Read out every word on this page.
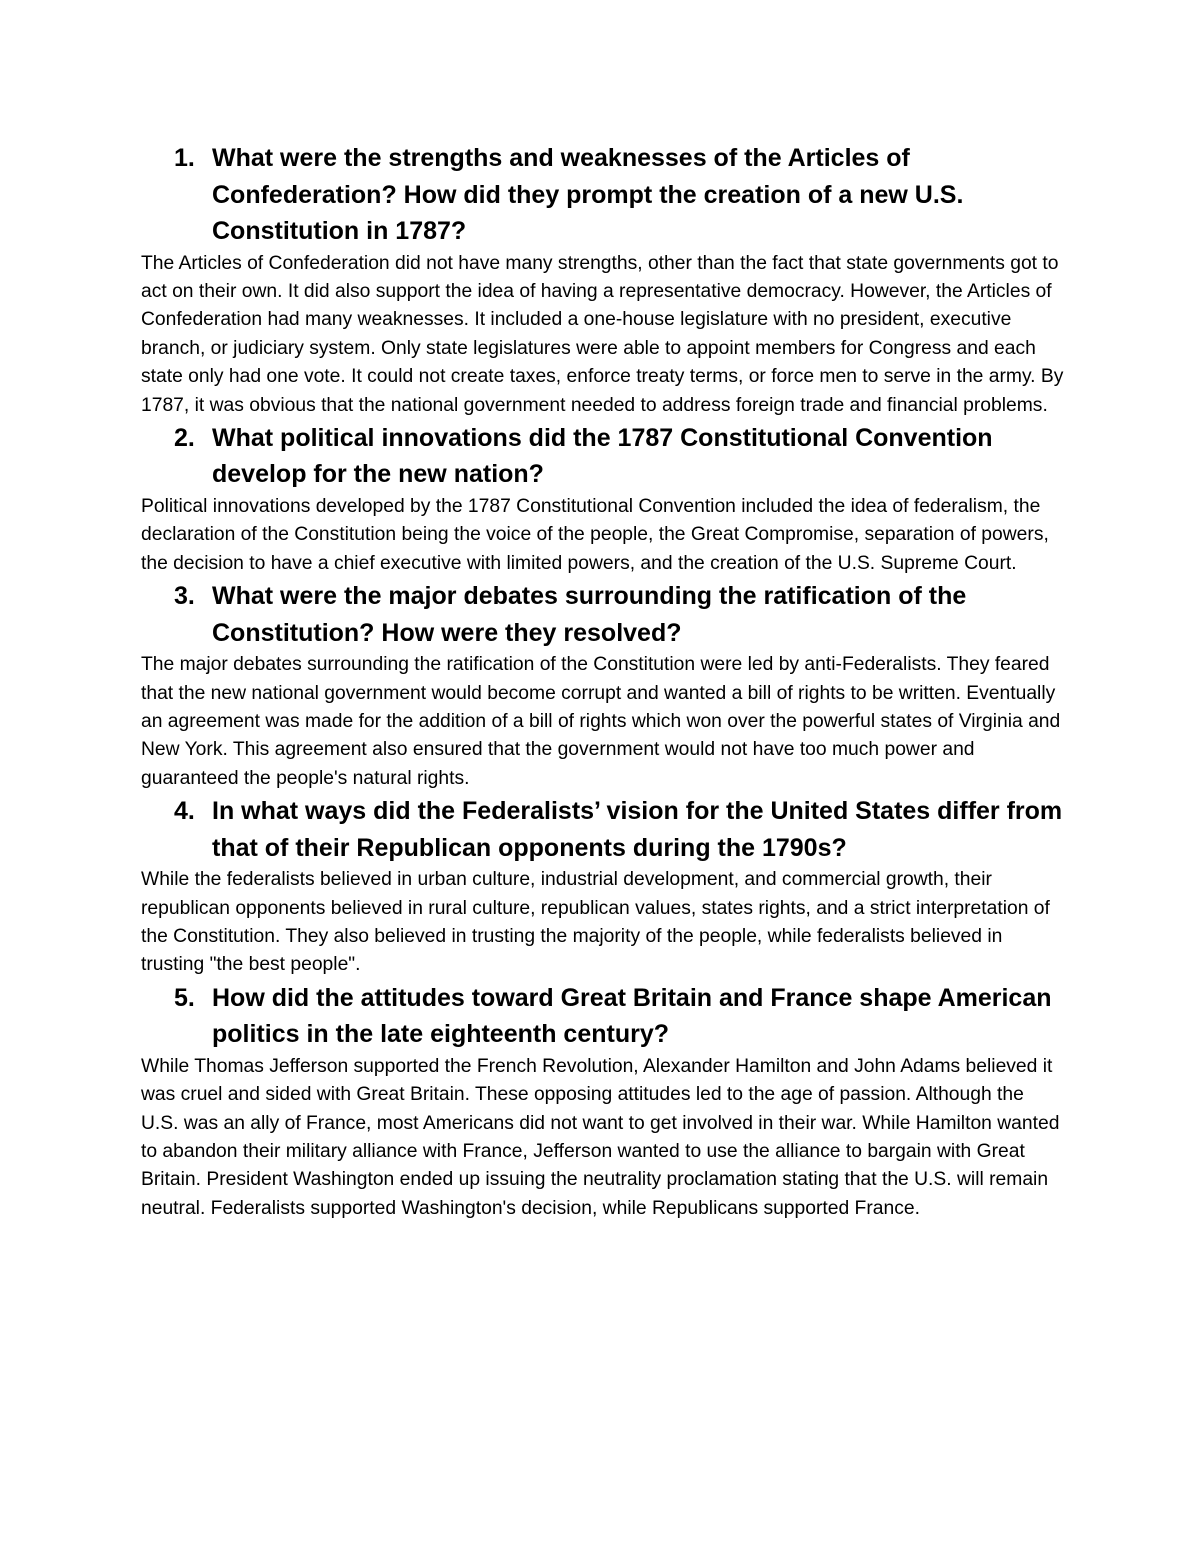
1. What were the strengths and weaknesses of the Articles of Confederation? How did they prompt the creation of a new U.S. Constitution in 1787?

The Articles of Confederation did not have many strengths, other than the fact that state governments got to act on their own. It did also support the idea of having a representative democracy. However, the Articles of Confederation had many weaknesses. It included a one-house legislature with no president, executive branch, or judiciary system. Only state legislatures were able to appoint members for Congress and each state only had one vote. It could not create taxes, enforce treaty terms, or force men to serve in the army. By 1787, it was obvious that the national government needed to address foreign trade and financial problems.

2. What political innovations did the 1787 Constitutional Convention develop for the new nation?

Political innovations developed by the 1787 Constitutional Convention included the idea of federalism, the declaration of the Constitution being the voice of the people, the Great Compromise, separation of powers, the decision to have a chief executive with limited powers, and the creation of the U.S. Supreme Court.

3. What were the major debates surrounding the ratification of the Constitution? How were they resolved?

The major debates surrounding the ratification of the Constitution were led by anti-Federalists. They feared that the new national government would become corrupt and wanted a bill of rights to be written. Eventually an agreement was made for the addition of a bill of rights which won over the powerful states of Virginia and New York. This agreement also ensured that the government would not have too much power and guaranteed the people's natural rights.

4. In what ways did the Federalists’ vision for the United States differ from that of their Republican opponents during the 1790s?

While the federalists believed in urban culture, industrial development, and commercial growth, their republican opponents believed in rural culture, republican values, states rights, and a strict interpretation of the Constitution. They also believed in trusting the majority of the people, while federalists believed in trusting "the best people".

5. How did the attitudes toward Great Britain and France shape American politics in the late eighteenth century?

While Thomas Jefferson supported the French Revolution, Alexander Hamilton and John Adams believed it was cruel and sided with Great Britain. These opposing attitudes led to the age of passion. Although the U.S. was an ally of France, most Americans did not want to get involved in their war. While Hamilton wanted to abandon their military alliance with France, Jefferson wanted to use the alliance to bargain with Great Britain. President Washington ended up issuing the neutrality proclamation stating that the U.S. will remain neutral. Federalists supported Washington's decision, while Republicans supported France.
